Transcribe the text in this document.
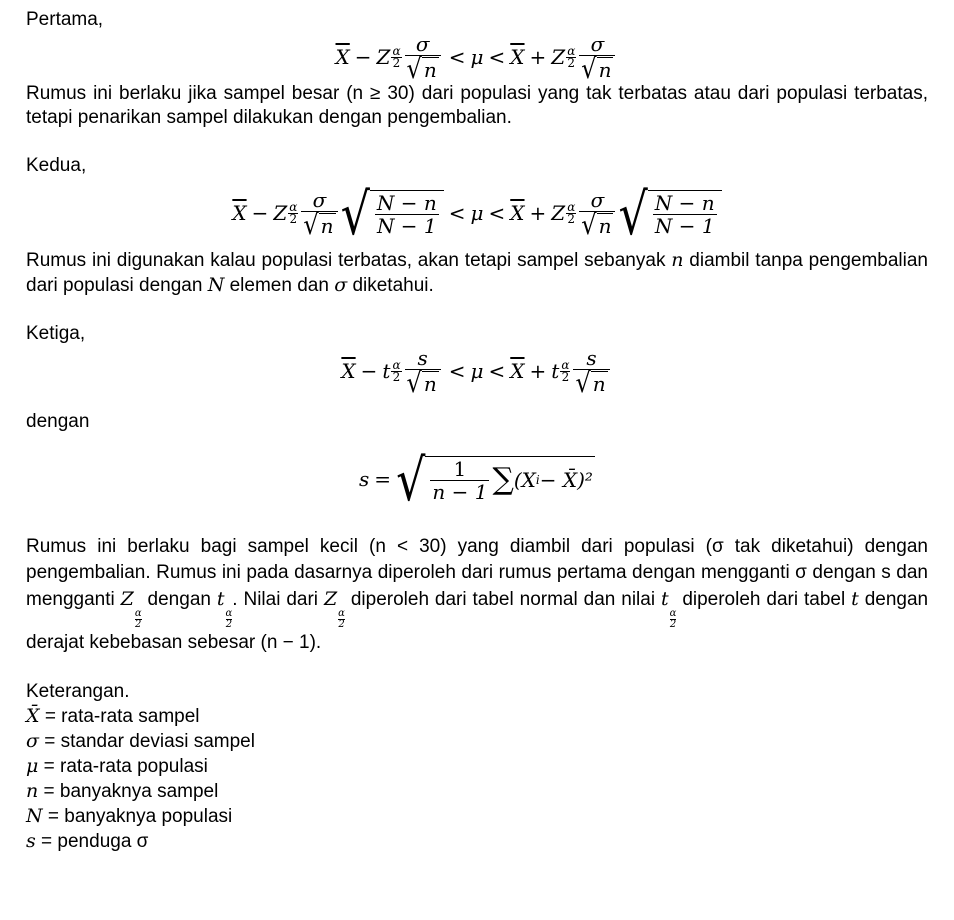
Pertama,

$\overline{X} - Z$ α
$2 \frac{\sigma}{√ n} < \mu < \overline{X} + Z$ α
$2 \frac{\sigma}{√ n}$

Rumus ini berlaku jika sampel besar (n ≥ 30) dari populasi yang tak terbatas atau dari populasi terbatas, tetapi penarikan sampel dilakukan dengan pengembalian.

Kedua,

$\overline{X} - Z$ α
$2 \frac{\sigma}{√ n}$ √ $\frac{N - n}{N - 1} < \mu < \overline{X} + Z$ α
$2 \frac{\sigma}{√ n}$ √ $\frac{N - n}{N - 1}$

Rumus ini digunakan kalau populasi terbatas, akan tetapi sampel sebanyak n diambil tanpa pengembalian dari populasi dengan N elemen dan σ diketahui.

Ketiga,

$\overline{X} - t$ α
$2 \frac{s}{√ n} < \mu < \overline{X} + t$ α
$2 \frac{s}{√ n}$

dengan

s = √ $\frac{1}{n - 1}$ ∑ (X i − X̄)²

Rumus ini berlaku bagi sampel kecil (n < 30) yang diambil dari populasi (σ tak diketahui) dengan pengembalian. Rumus ini pada dasarnya diperoleh dari rumus pertama dengan mengganti σ dengan s dan mengganti Z
$\frac{\alpha}{2}$
dengan t
$\frac{\alpha}{2}$
. Nilai dari Z
$\frac{\alpha}{2}$
diperoleh dari tabel normal dan nilai t
$\frac{\alpha}{2}$
diperoleh dari tabel t dengan derajat kebebasan sebesar (n − 1).

Keterangan.
X̄ = rata-rata sampel
σ = standar deviasi sampel
μ = rata-rata populasi
n = banyaknya sampel
N = banyaknya populasi
s = penduga σ
